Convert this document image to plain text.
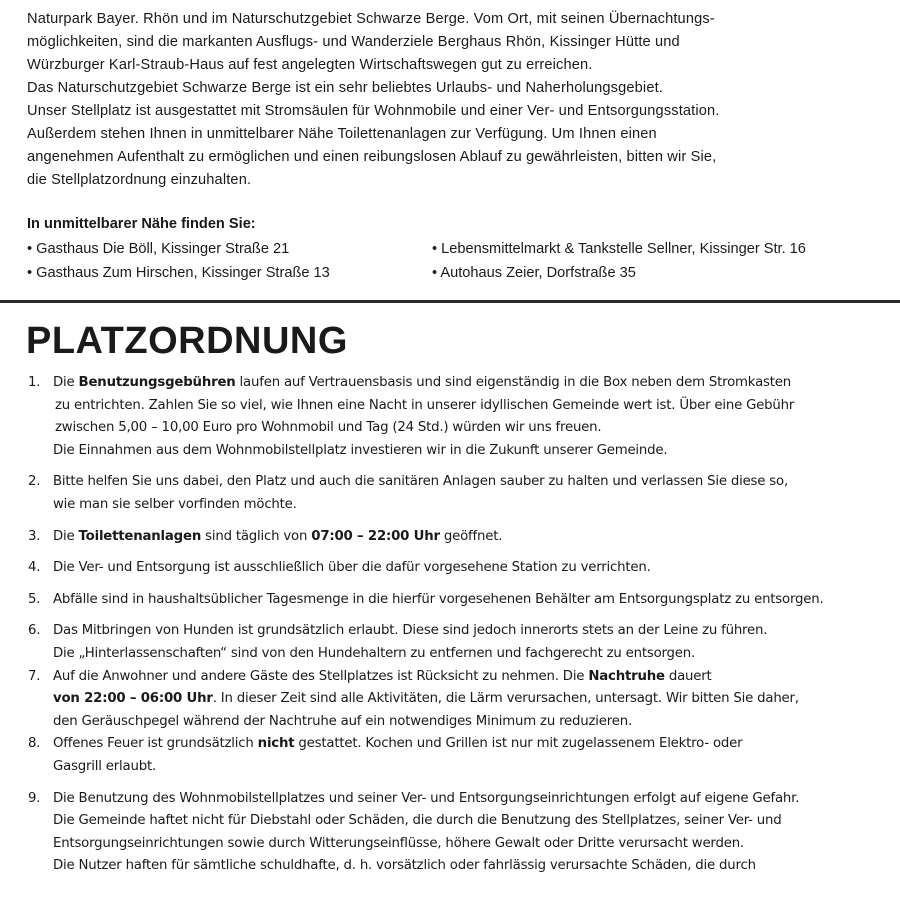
Naturpark Bayer. Rhön und im Naturschutzgebiet Schwarze Berge. Vom Ort, mit seinen Übernachtungs-
möglichkeiten, sind die markanten Ausflugs- und Wanderziele Berghaus Rhön, Kissinger Hütte und
Würzburger Karl-Straub-Haus auf fest angelegten Wirtschaftswegen gut zu erreichen.
Das Naturschutzgebiet Schwarze Berge ist ein sehr beliebtes Urlaubs- und Naherholungsgebiet.
Unser Stellplatz ist ausgestattet mit Stromsäulen für Wohnmobile und einer Ver- und Entsorgungsstation.
Außerdem stehen Ihnen in unmittelbarer Nähe Toilettenanlagen zur Verfügung. Um Ihnen einen
angenehmen Aufenthalt zu ermöglichen und einen reibungslosen Ablauf zu gewährleisten, bitten wir Sie,
die Stellplatzordnung einzuhalten.

In unmittelbarer Nähe finden Sie:
• Gasthaus Die Böll, Kissinger Straße 21	• Lebensmittelmarkt & Tankstelle Sellner, Kissinger Str. 16
• Gasthaus Zum Hirschen, Kissinger Straße 13	• Autohaus Zeier, Dorfstraße 35
PLATZORDNUNG
1. Die Benutzungsgebühren laufen auf Vertrauensbasis und sind eigenständig in die Box neben dem Stromkasten
zu entrichten. Zahlen Sie so viel, wie Ihnen eine Nacht in unserer idyllischen Gemeinde wert ist. Über eine Gebühr
zwischen 5,00 – 10,00 Euro pro Wohnmobil und Tag (24 Std.) würden wir uns freuen.
Die Einnahmen aus dem Wohnmobilstellplatz investieren wir in die Zukunft unserer Gemeinde.
2. Bitte helfen Sie uns dabei, den Platz und auch die sanitären Anlagen sauber zu halten und verlassen Sie diese so,
wie man sie selber vorfinden möchte.
3. Die Toilettenanlagen sind täglich von 07:00 – 22:00 Uhr geöffnet.
4. Die Ver- und Entsorgung ist ausschließlich über die dafür vorgesehene Station zu verrichten.
5. Abfälle sind in haushaltsüblicher Tagesmenge in die hierfür vorgesehenen Behälter am Entsorgungsplatz zu entsorgen.
6. Das Mitbringen von Hunden ist grundsätzlich erlaubt. Diese sind jedoch innerorts stets an der Leine zu führen.
Die „Hinterlassenschaften“ sind von den Hundehaltern zu entfernen und fachgerecht zu entsorgen.
7. Auf die Anwohner und andere Gäste des Stellplatzes ist Rücksicht zu nehmen. Die Nachtruhe dauert
von 22:00 – 06:00 Uhr. In dieser Zeit sind alle Aktivitäten, die Lärm verursachen, untersagt. Wir bitten Sie daher,
den Geräuschpegel während der Nachtruhe auf ein notwendiges Minimum zu reduzieren.
8. Offenes Feuer ist grundsätzlich nicht gestattet. Kochen und Grillen ist nur mit zugelassenem Elektro- oder
Gasgrill erlaubt.
9. Die Benutzung des Wohnmobilstellplatzes und seiner Ver- und Entsorgungseinrichtungen erfolgt auf eigene Gefahr.
Die Gemeinde haftet nicht für Diebstahl oder Schäden, die durch die Benutzung des Stellplatzes, seiner Ver- und
Entsorgungseinrichtungen sowie durch Witterungseinflüsse, höhere Gewalt oder Dritte verursacht werden.
Die Nutzer haften für sämtliche schuldhafte, d. h. vorsätzlich oder fahrlässig verursachte Schäden, die durch
